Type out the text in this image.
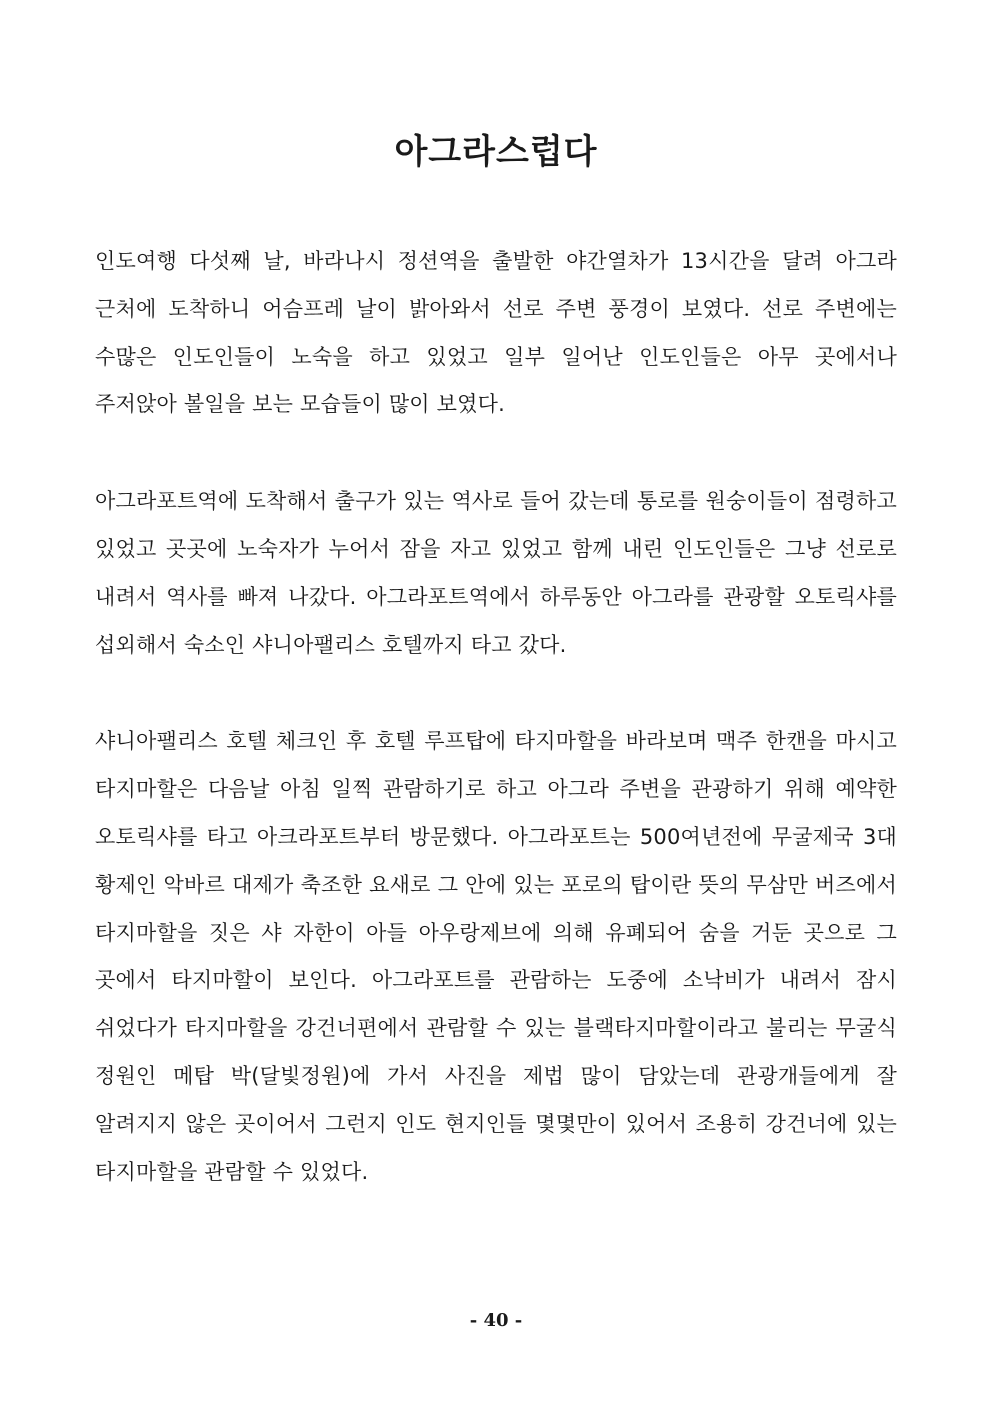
아그라스럽다

인도여행 다섯째 날, 바라나시 정션역을 출발한 야간열차가 13시간을 달려 아그라 근처에 도착하니 어슴프레 날이 밝아와서 선로 주변 풍경이 보였다. 선로 주변에는 수많은 인도인들이 노숙을 하고 있었고 일부 일어난 인도인들은 아무 곳에서나 주저앉아 볼일을 보는 모습들이 많이 보였다.

아그라포트역에 도착해서 출구가 있는 역사로 들어 갔는데 통로를 원숭이들이 점령하고 있었고 곳곳에 노숙자가 누어서 잠을 자고 있었고 함께 내린 인도인들은 그냥 선로로 내려서 역사를 빠져 나갔다. 아그라포트역에서 하루동안 아그라를 관광할 오토릭샤를 섭외해서 숙소인 샤니아팰리스 호텔까지 타고 갔다.

샤니아팰리스 호텔 체크인 후 호텔 루프탑에 타지마할을 바라보며 맥주 한캔을 마시고 타지마할은 다음날 아침 일찍 관람하기로 하고 아그라 주변을 관광하기 위해 예약한 오토릭샤를 타고 아크라포트부터 방문했다. 아그라포트는 500여년전에 무굴제국 3대 황제인 악바르 대제가 축조한 요새로 그 안에 있는 포로의 탑이란 뜻의 무삼만 버즈에서 타지마할을 짓은 샤 자한이 아들 아우랑제브에 의해 유폐되어 숨을 거둔 곳으로 그 곳에서 타지마할이 보인다. 아그라포트를 관람하는 도중에 소낙비가 내려서 잠시 쉬었다가 타지마할을 강건너편에서 관람할 수 있는 블랙타지마할이라고 불리는 무굴식 정원인 메탑 박(달빛정원)에 가서 사진을 제법 많이 담았는데 관광개들에게 잘 알려지지 않은 곳이어서 그런지 인도 현지인들 몇몇만이 있어서 조용히 강건너에 있는 타지마할을 관람할 수 있었다.

- 40 -
